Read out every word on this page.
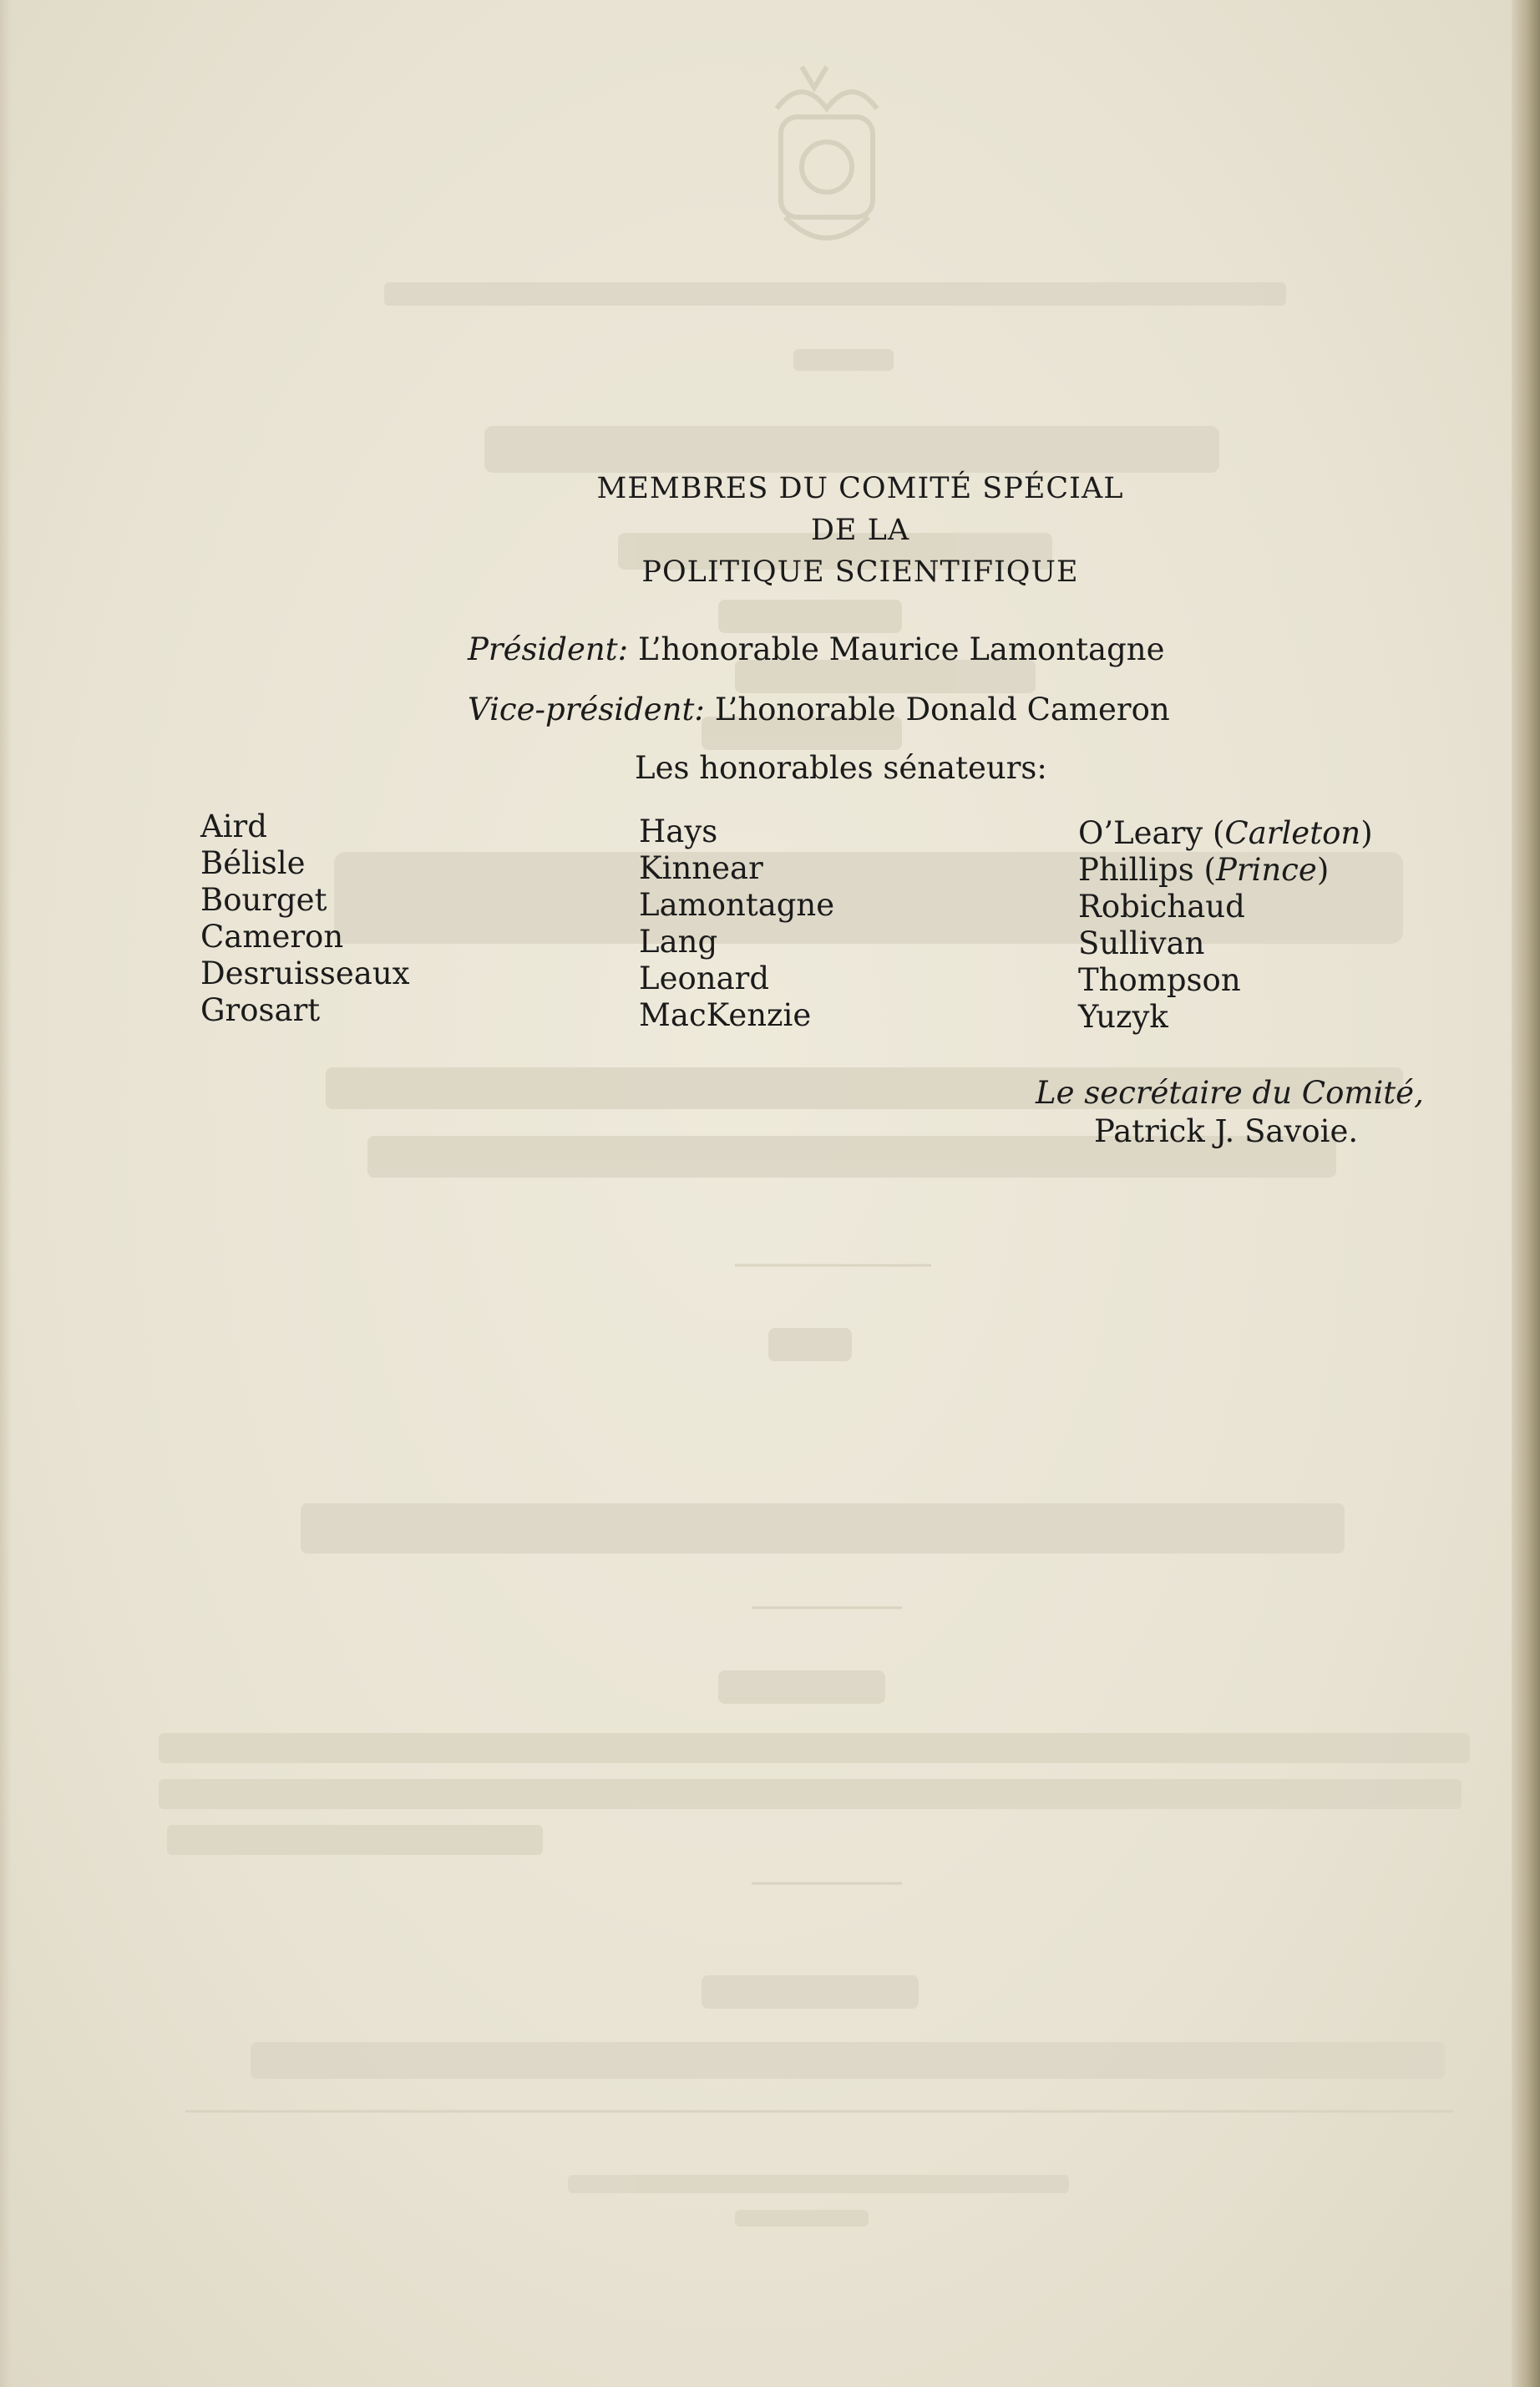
MEMBRES DU COMITÉ SPÉCIAL
DE LA
POLITIQUE SCIENTIFIQUE
Président: L’honorable Maurice Lamontagne
Vice-président: L’honorable Donald Cameron
Les honorables sénateurs:
Aird
Bélisle
Bourget
Cameron
Desruisseaux
Grosart
Hays
Kinnear
Lamontagne
Lang
Leonard
MacKenzie
O’Leary (Carleton)
Phillips (Prince)
Robichaud
Sullivan
Thompson
Yuzyk
Le secrétaire du Comité,
Patrick J. Savoie.
